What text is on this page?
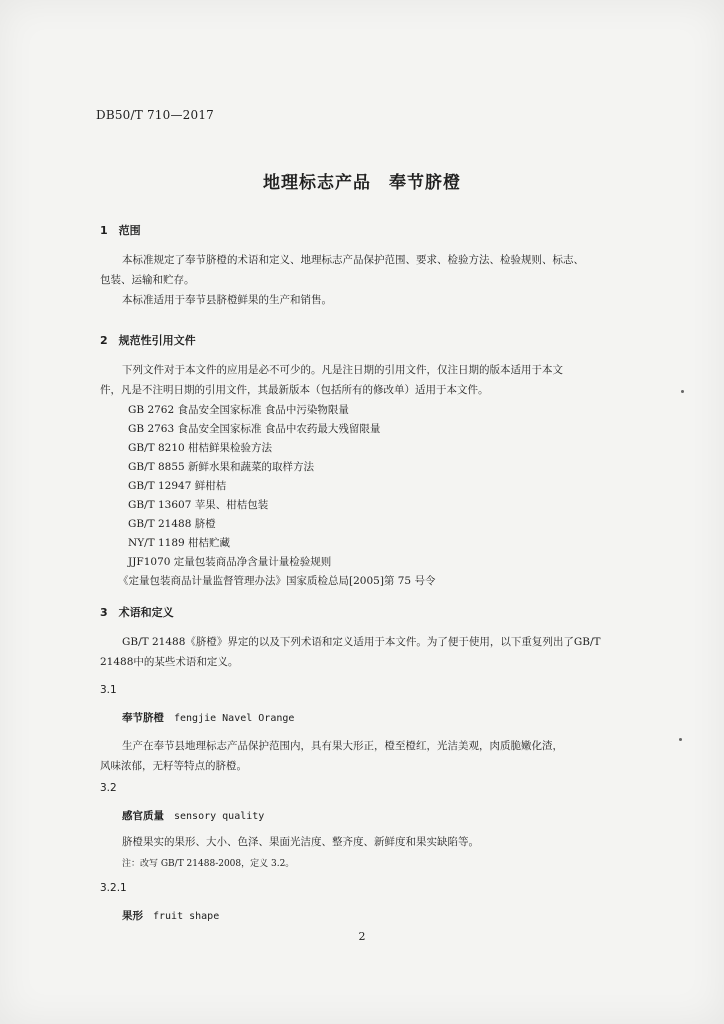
DB50/T 710—2017
地理标志产品　奉节脐橙
1　范围
本标准规定了奉节脐橙的术语和定义、地理标志产品保护范围、要求、检验方法、检验规则、标志、
包装、运输和贮存。
本标准适用于奉节县脐橙鲜果的生产和销售。
2　规范性引用文件
下列文件对于本文件的应用是必不可少的。凡是注日期的引用文件，仅注日期的版本适用于本文
件，凡是不注明日期的引用文件，其最新版本（包括所有的修改单）适用于本文件。
GB 2762 食品安全国家标准 食品中污染物限量
GB 2763 食品安全国家标准 食品中农药最大残留限量
GB/T 8210 柑桔鲜果检验方法
GB/T 8855 新鲜水果和蔬菜的取样方法
GB/T 12947 鲜柑桔
GB/T 13607 苹果、柑桔包装
GB/T 21488 脐橙
NY/T 1189 柑桔贮藏
JJF1070 定量包装商品净含量计量检验规则
《定量包装商品计量监督管理办法》国家质检总局[2005]第 75 号令
3　术语和定义
GB/T 21488《脐橙》界定的以及下列术语和定义适用于本文件。为了便于使用，以下重复列出了GB/T
21488中的某些术语和定义。
3.1
奉节脐橙 fengjie Navel Orange
生产在奉节县地理标志产品保护范围内，具有果大形正，橙至橙红，光洁美观，肉质脆嫩化渣，
风味浓郁，无籽等特点的脐橙。
3.2
感官质量 sensory quality
脐橙果实的果形、大小、色泽、果面光洁度、整齐度、新鲜度和果实缺陷等。
注：改写 GB/T 21488-2008，定义 3.2。
3.2.1
果形 fruit shape
2
